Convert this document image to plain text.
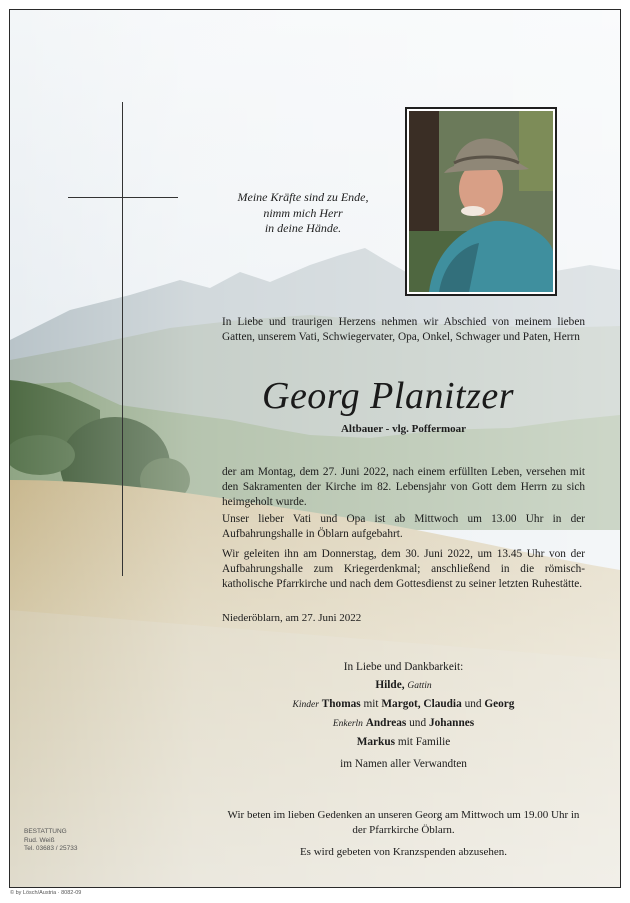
Meine Kräfte sind zu Ende,
nimm mich Herr
in deine Hände.
In Liebe und traurigen Herzens nehmen wir Abschied von meinem lieben Gatten, unserem Vati, Schwiegervater, Opa, Onkel, Schwager und Paten, Herrn
Georg Planitzer
Altbauer - vlg. Poffermoar
der am Montag, dem 27. Juni 2022, nach einem erfüllten Leben, versehen mit den Sakramenten der Kirche im 82. Lebensjahr von Gott dem Herrn zu sich heimgeholt wurde.
Unser lieber Vati und Opa ist ab Mittwoch um 13.00 Uhr in der Aufbahrungshalle in Öblarn aufgebahrt.
Wir geleiten ihn am Donnerstag, dem 30. Juni 2022, um 13.45 Uhr von der Aufbahrungshalle zum Kriegerdenkmal; anschließend in die römisch-katholische Pfarrkirche und nach dem Gottesdienst zu seiner letzten Ruhestätte.
Niederöblarn, am 27. Juni 2022
In Liebe und Dankbarkeit:
Hilde, Gattin
Kinder Thomas mit Margot, Claudia und Georg
Enkerln Andreas und Johannes
Markus mit Familie
im Namen aller Verwandten
Wir beten im lieben Gedenken an unseren Georg am Mittwoch um 19.00 Uhr in der Pfarrkirche Öblarn.
Es wird gebeten von Kranzspenden abzusehen.
BESTATTUNG
Rud. Weiß
Tel. 03683 / 25733
© by Lösch/Austria · 8082-09
